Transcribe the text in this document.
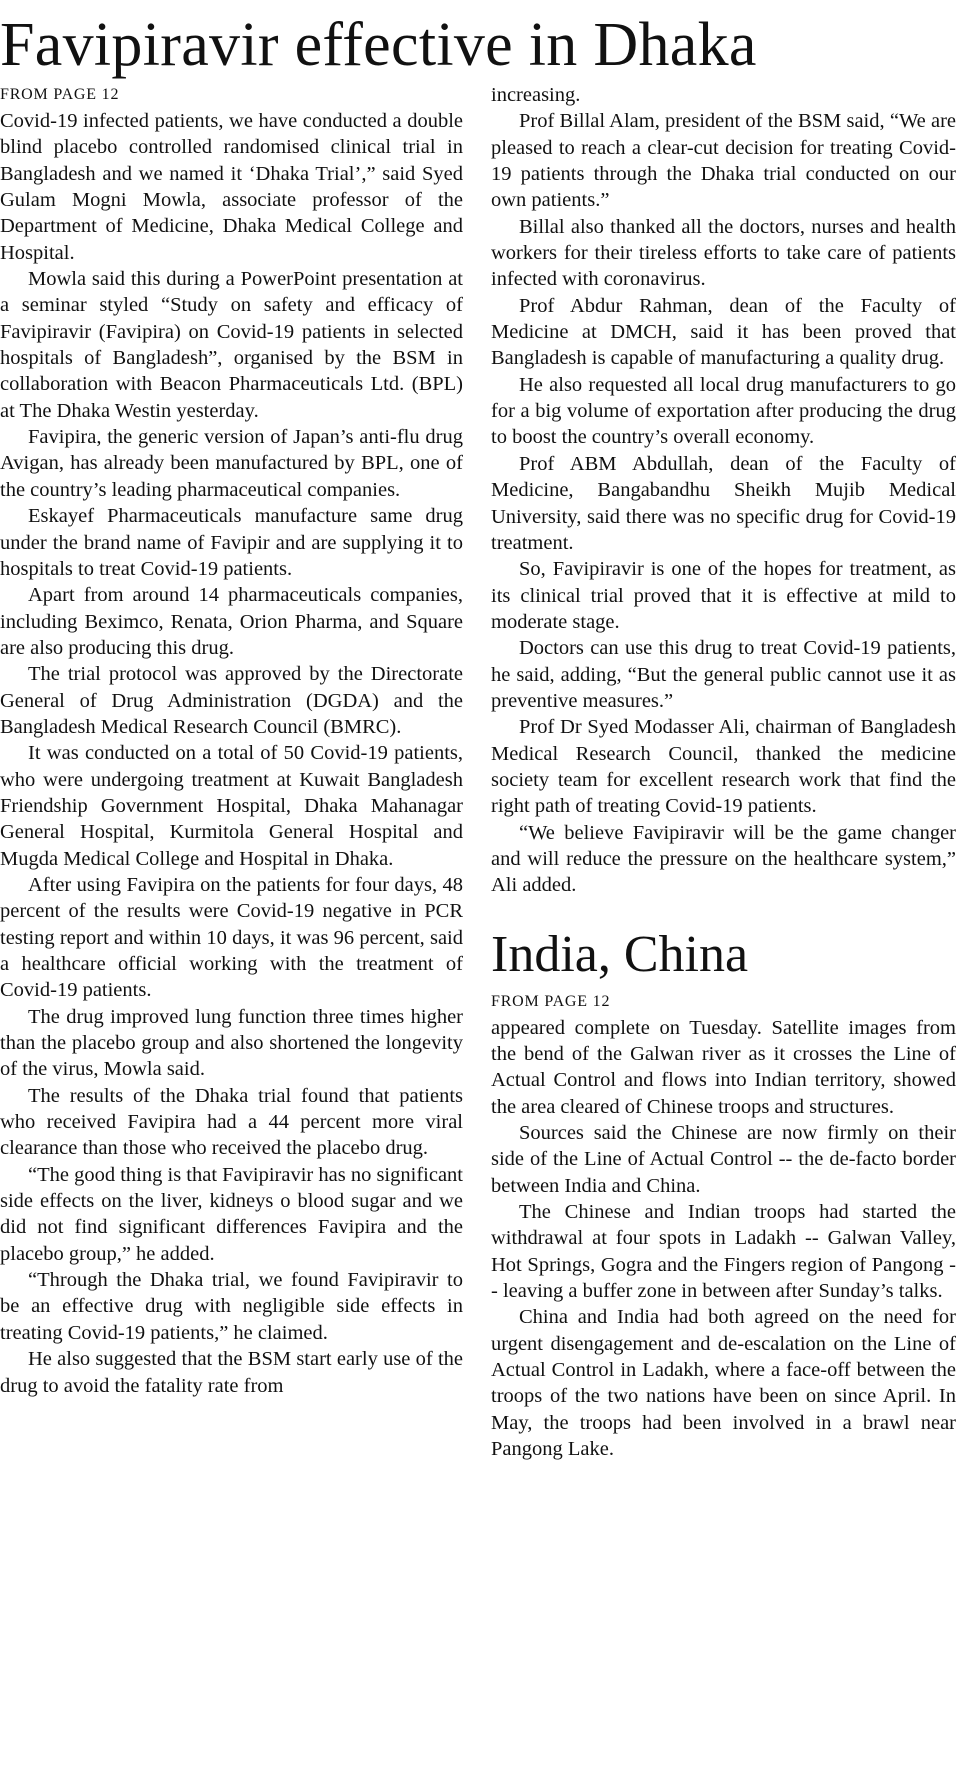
Favipiravir effective in Dhaka
FROM PAGE 12

Covid-19 infected patients, we have conducted a double blind placebo controlled randomised clinical trial in Bangladesh and we named it ‘Dhaka Trial’,” said Syed Gulam Mogni Mowla, associate professor of the Department of Medicine, Dhaka Medical College and Hospital.

Mowla said this during a PowerPoint presentation at a seminar styled “Study on safety and efficacy of Favipiravir (Favipira) on Covid-19 patients in selected hospitals of Bangladesh”, organised by the BSM in collaboration with Beacon Pharmaceuticals Ltd. (BPL) at The Dhaka Westin yesterday.

Favipira, the generic version of Japan’s anti-flu drug Avigan, has already been manufactured by BPL, one of the country’s leading pharmaceutical companies.

Eskayef Pharmaceuticals manufacture same drug under the brand name of Favipir and are supplying it to hospitals to treat Covid-19 patients.

Apart from around 14 pharmaceuticals companies, including Beximco, Renata, Orion Pharma, and Square are also producing this drug.

The trial protocol was approved by the Directorate General of Drug Administration (DGDA) and the Bangladesh Medical Research Council (BMRC).

It was conducted on a total of 50 Covid-19 patients, who were undergoing treatment at Kuwait Bangladesh Friendship Government Hospital, Dhaka Mahanagar General Hospital, Kurmitola General Hospital and Mugda Medical College and Hospital in Dhaka.

After using Favipira on the patients for four days, 48 percent of the results were Covid-19 negative in PCR testing report and within 10 days, it was 96 percent, said a healthcare official working with the treatment of Covid-19 patients.

The drug improved lung function three times higher than the placebo group and also shortened the longevity of the virus, Mowla said.

The results of the Dhaka trial found that patients who received Favipira had a 44 percent more viral clearance than those who received the placebo drug.

“The good thing is that Favipiravir has no significant side effects on the liver, kidneys o blood sugar and we did not find significant differences Favipira and the placebo group,” he added.

“Through the Dhaka trial, we found Favipiravir to be an effective drug with negligible side effects in treating Covid-19 patients,” he claimed.

He also suggested that the BSM start early use of the drug to avoid the fatality rate from

increasing.

Prof Billal Alam, president of the BSM said, “We are pleased to reach a clear-cut decision for treating Covid-19 patients through the Dhaka trial conducted on our own patients.”

Billal also thanked all the doctors, nurses and health workers for their tireless efforts to take care of patients infected with coronavirus.

Prof Abdur Rahman, dean of the Faculty of Medicine at DMCH, said it has been proved that Bangladesh is capable of manufacturing a quality drug.

He also requested all local drug manufacturers to go for a big volume of exportation after producing the drug to boost the country’s overall economy.

Prof ABM Abdullah, dean of the Faculty of Medicine, Bangabandhu Sheikh Mujib Medical University, said there was no specific drug for Covid-19 treatment.

So, Favipiravir is one of the hopes for treatment, as its clinical trial proved that it is effective at mild to moderate stage.

Doctors can use this drug to treat Covid-19 patients, he said, adding, “But the general public cannot use it as preventive measures.”

Prof Dr Syed Modasser Ali, chairman of Bangladesh Medical Research Council, thanked the medicine society team for excellent research work that find the right path of treating Covid-19 patients.

“We believe Favipiravir will be the game changer and will reduce the pressure on the healthcare system,” Ali added.

India, China
FROM PAGE 12

appeared complete on Tuesday. Satellite images from the bend of the Galwan river as it crosses the Line of Actual Control and flows into Indian territory, showed the area cleared of Chinese troops and structures.

Sources said the Chinese are now firmly on their side of the Line of Actual Control -- the de-facto border between India and China.

The Chinese and Indian troops had started the withdrawal at four spots in Ladakh -- Galwan Valley, Hot Springs, Gogra and the Fingers region of Pangong -- leaving a buffer zone in between after Sunday’s talks.

China and India had both agreed on the need for urgent disengagement and de-escalation on the Line of Actual Control in Ladakh, where a face-off between the troops of the two nations have been on since April. In May, the troops had been involved in a brawl near Pangong Lake.
